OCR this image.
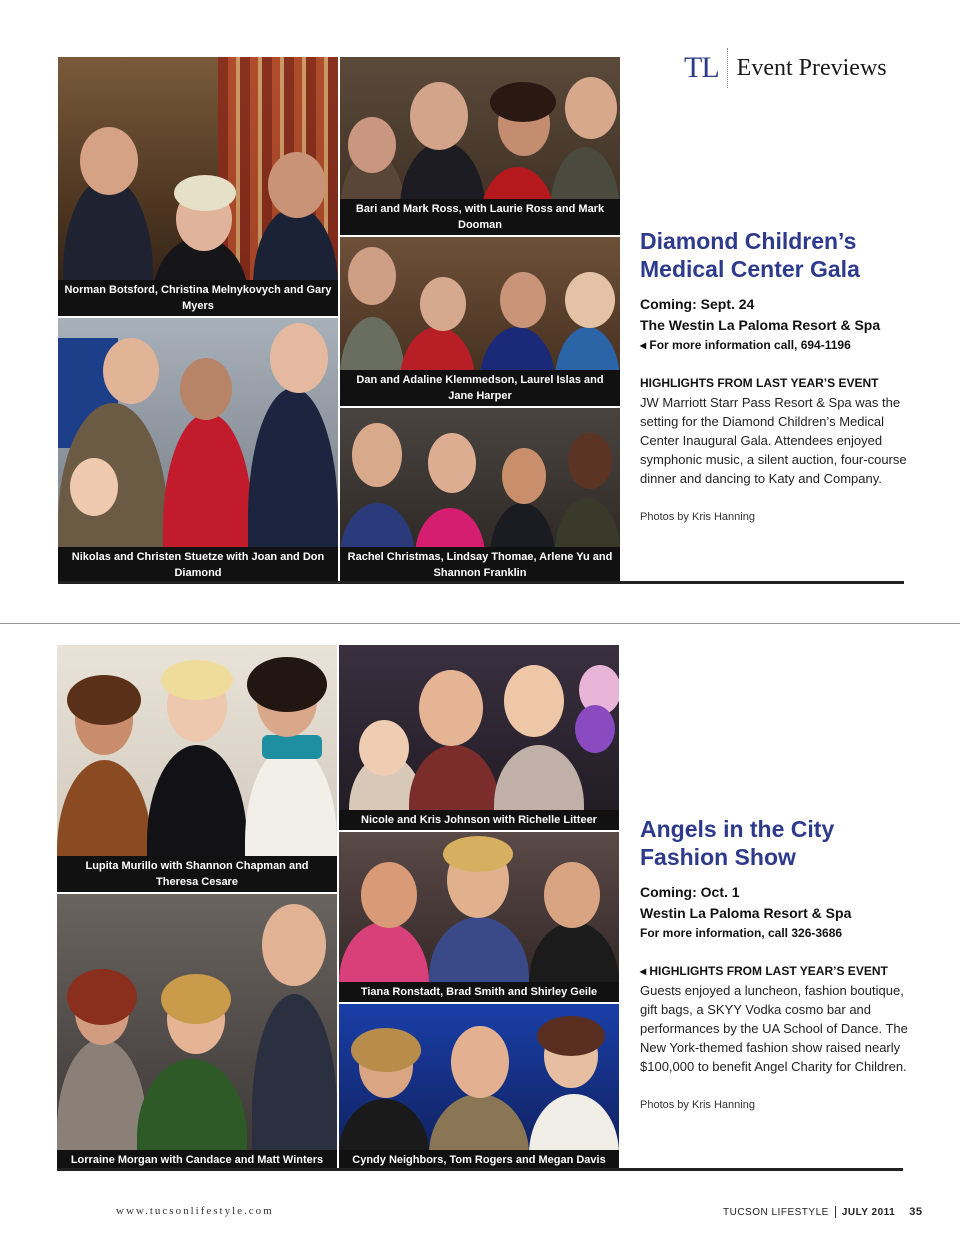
TL Event Previews
Norman Botsford, Christina Melnykovych and Gary Myers
Bari and Mark Ross, with Laurie Ross and Mark Dooman
Dan and Adaline Klemmedson, Laurel Islas and Jane Harper
Nikolas and Christen Stuetze with Joan and Don Diamond
Rachel Christmas, Lindsay Thomae, Arlene Yu and Shannon Franklin
Diamond Children’s
Medical Center Gala
Coming: Sept. 24
The Westin La Paloma Resort & Spa
◂ For more information call, 694-1196
HIGHLIGHTS FROM LAST YEAR’S EVENT
JW Marriott Starr Pass Resort & Spa was the setting for the Diamond Children’s Medical Center Inaugural Gala. Attendees enjoyed symphonic music, a silent auction, four-course dinner and dancing to Katy and Company.
Photos by Kris Hanning
Lupita Murillo with Shannon Chapman and Theresa Cesare
Nicole and Kris Johnson with Richelle Litteer
Tiana Ronstadt, Brad Smith and Shirley Geile
Lorraine Morgan with Candace and Matt Winters	Cyndy Neighbors, Tom Rogers and Megan Davis
Angels in the City
Fashion Show
Coming: Oct. 1
Westin La Paloma Resort & Spa
For more information, call 326-3686
◂ HIGHLIGHTS FROM LAST YEAR’S EVENT
Guests enjoyed a luncheon, fashion boutique, gift bags, a SKYY Vodka cosmo bar and performances by the UA School of Dance. The New York-themed fashion show raised nearly $100,000 to benefit Angel Charity for Children.
Photos by Kris Hanning
www.tucsonlifestyle.com	TUCSON LIFESTYLE JULY 2011 35
